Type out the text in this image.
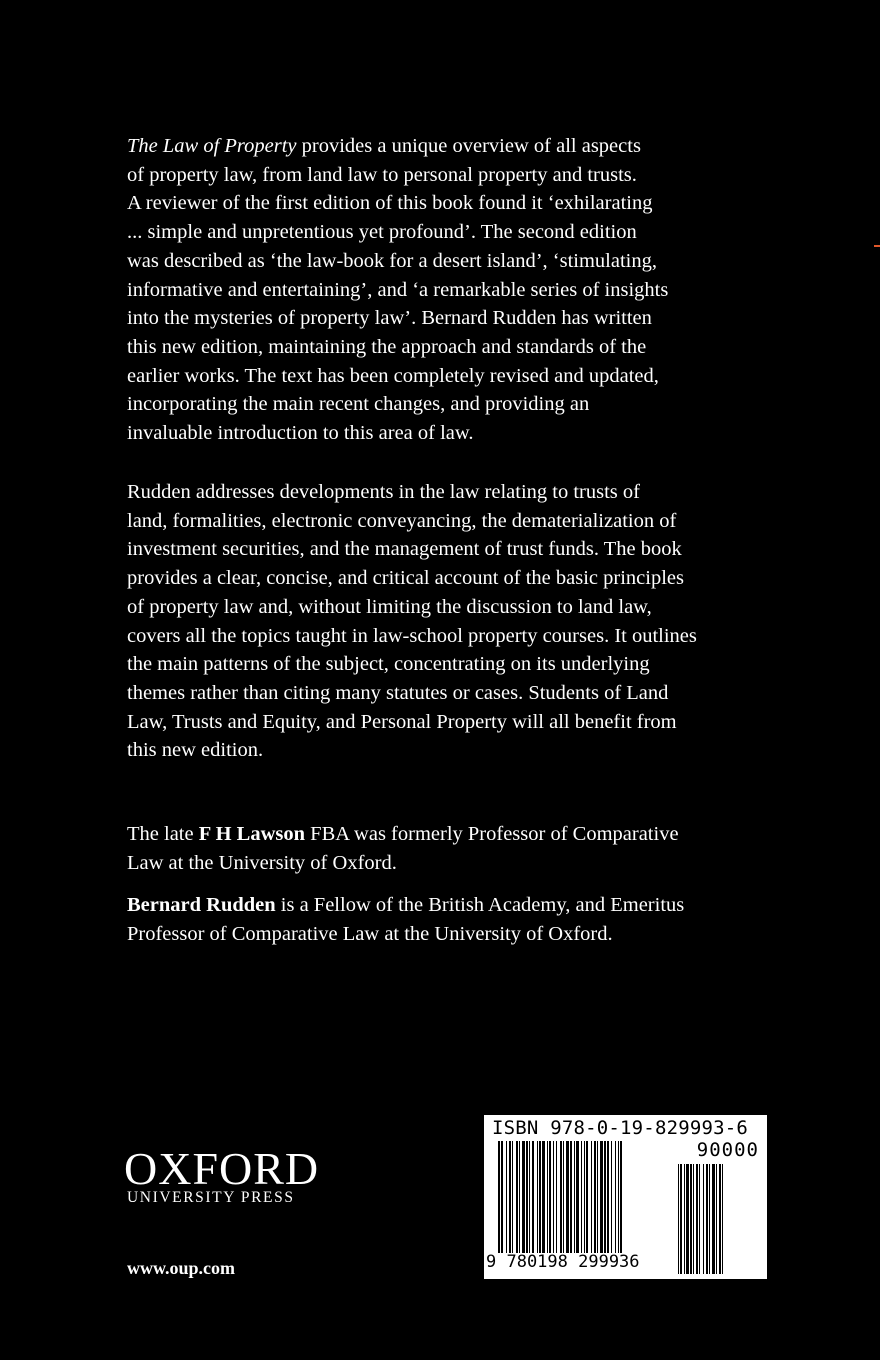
The Law of Property provides a unique overview of all aspects
of property law, from land law to personal property and trusts.
A reviewer of the first edition of this book found it ‘exhilarating
... simple and unpretentious yet profound’. The second edition
was described as ‘the law-book for a desert island’, ‘stimulating,
informative and entertaining’, and ‘a remarkable series of insights
into the mysteries of property law’. Bernard Rudden has written
this new edition, maintaining the approach and standards of the
earlier works. The text has been completely revised and updated,
incorporating the main recent changes, and providing an
invaluable introduction to this area of law.

Rudden addresses developments in the law relating to trusts of
land, formalities, electronic conveyancing, the dematerialization of
investment securities, and the management of trust funds. The book
provides a clear, concise, and critical account of the basic principles
of property law and, without limiting the discussion to land law,
covers all the topics taught in law-school property courses. It outlines
the main patterns of the subject, concentrating on its underlying
themes rather than citing many statutes or cases. Students of Land
Law, Trusts and Equity, and Personal Property will all benefit from
this new edition.

The late F H Lawson FBA was formerly Professor of Comparative
Law at the University of Oxford.

Bernard Rudden is a Fellow of the British Academy, and Emeritus
Professor of Comparative Law at the University of Oxford.

OXFORD
UNIVERSITY PRESS
www.oup.com
ISBN 978-0-19-829993-6
90000
9 780198 299936
